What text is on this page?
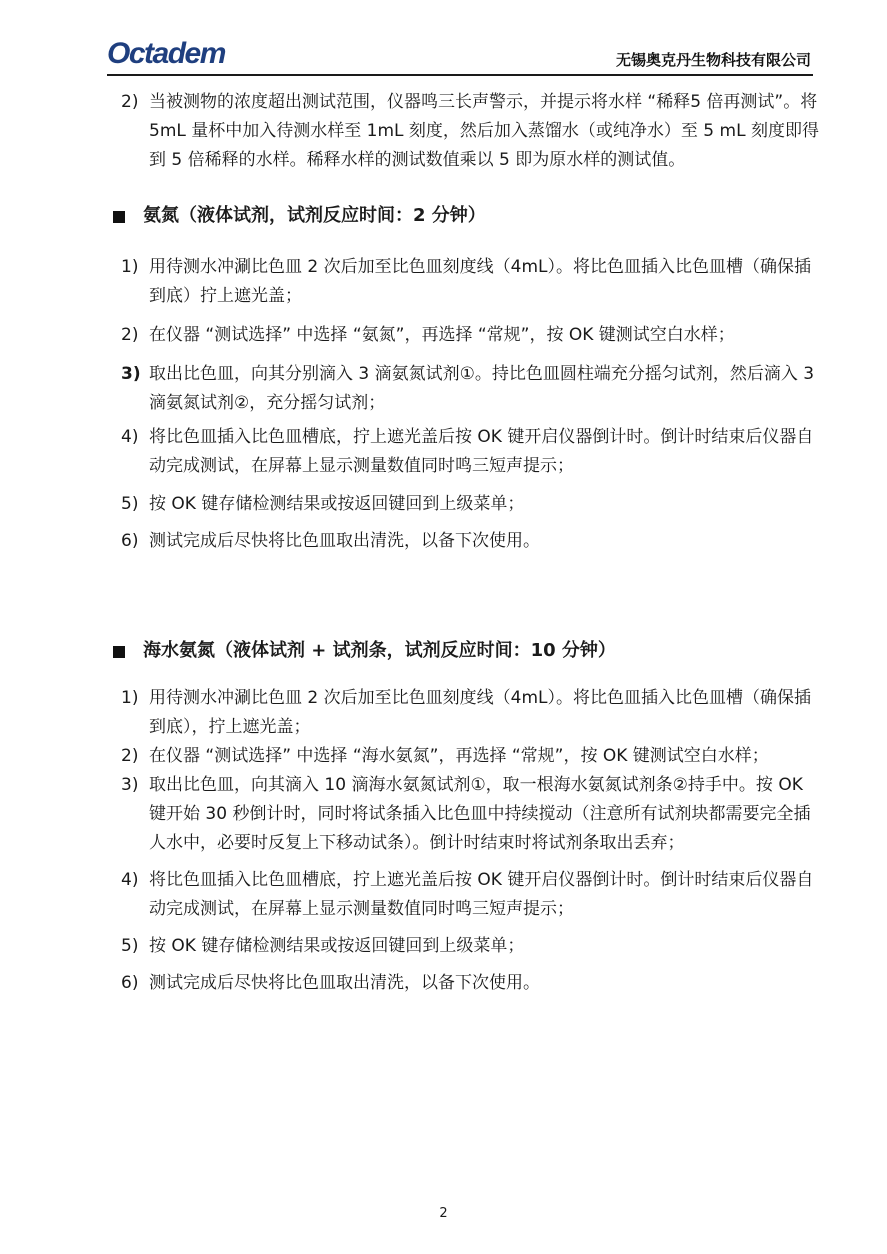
Octadem	无锡奥克丹生物科技有限公司
2) 当被测物的浓度超出测试范围，仪器鸣三长声警示，并提示将水样 “稀释5 倍再测试”。将 5mL 量杯中加入待测水样至 1mL 刻度，然后加入蒸馏水（或纯净水）至 5 mL 刻度即得到 5 倍稀释的水样。稀释水样的测试数值乘以 5 即为原水样的测试值。
氨氮（液体试剂，试剂反应时间：2 分钟）
1) 用待测水冲涮比色皿 2 次后加至比色皿刻度线（4mL）。将比色皿插入比色皿槽（确保插到底）拧上遮光盖；
2) 在仪器 “测试选择” 中选择 “氨氮”，再选择 “常规”，按 OK 键测试空白水样；
3) 取出比色皿，向其分别滴入 3 滴氨氮试剂①。持比色皿圆柱端充分摇匀试剂，然后滴入 3 滴氨氮试剂②，充分摇匀试剂；
4) 将比色皿插入比色皿槽底，拧上遮光盖后按 OK 键开启仪器倒计时。倒计时结束后仪器自动完成测试，在屏幕上显示测量数值同时鸣三短声提示；
5) 按 OK 键存储检测结果或按返回键回到上级菜单；
6) 测试完成后尽快将比色皿取出清洗，以备下次使用。
海水氨氮（液体试剂 + 试剂条，试剂反应时间：10 分钟）
1) 用待测水冲涮比色皿 2 次后加至比色皿刻度线（4mL）。将比色皿插入比色皿槽（确保插到底），拧上遮光盖；
2) 在仪器 “测试选择” 中选择 “海水氨氮”，再选择 “常规”，按 OK 键测试空白水样；
3) 取出比色皿，向其滴入 10 滴海水氨氮试剂①，取一根海水氨氮试剂条②持手中。按 OK 键开始 30 秒倒计时，同时将试条插入比色皿中持续搅动（注意所有试剂块都需要完全插人水中，必要时反复上下移动试条）。倒计时结束时将试剂条取出丢弃；
4) 将比色皿插入比色皿槽底，拧上遮光盖后按 OK 键开启仪器倒计时。倒计时结束后仪器自动完成测试，在屏幕上显示测量数值同时鸣三短声提示；
5) 按 OK 键存储检测结果或按返回键回到上级菜单；
6) 测试完成后尽快将比色皿取出清洗，以备下次使用。
2
